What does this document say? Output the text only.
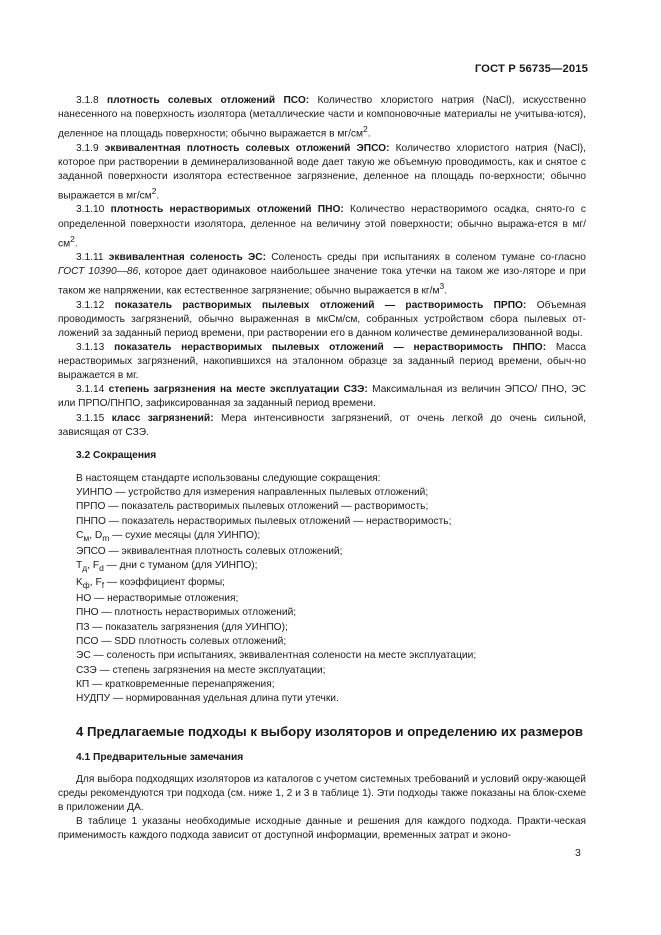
ГОСТ Р 56735—2015

3.1.8 плотность солевых отложений ПСО: Количество хлористого натрия (NaCl), искусственно нанесенного на поверхность изолятора (металлические части и компоновочные материалы не учитыва-ются), деленное на площадь поверхности; обычно выражается в $мг/см^2$.

3.1.9 эквивалентная плотность солевых отложений ЭПСО: Количество хлористого натрия (NaCl), которое при растворении в деминерализованной воде дает такую же объемную проводимость, как и снятое с заданной поверхности изолятора естественное загрязнение, деленное на площадь по-верхности; обычно выражается в $мг/см^2$.

3.1.10 плотность нерастворимых отложений ПНО: Количество нерастворимого осадка, снято-го с определенной поверхности изолятора, деленное на величину этой поверхности; обычно выража-ется в $мг/см^2$.

3.1.11 эквивалентная соленость ЭС: Соленость среды при испытаниях в соленом тумане со-гласно ГОСТ 10390—86, которое дает одинаковое наибольшее значение тока утечки на таком же изо-ляторе и при таком же напряжении, как естественное загрязнение; обычно выражается в $кг/м^3$.

3.1.12 показатель растворимых пылевых отложений — растворимость ПРПО: Объемная проводимость загрязнений, обычно выраженная в мкСм/см, собранных устройством сбора пылевых от-ложений за заданный период времени, при растворении его в данном количестве деминерализованной воды.

3.1.13 показатель нерастворимых пылевых отложений — нерастворимость ПНПО: Масса нерастворимых загрязнений, накопившихся на эталонном образце за заданный период времени, обыч-но выражается в мг.

3.1.14 степень загрязнения на месте эксплуатации СЗЭ: Максимальная из величин ЭПСО/ ПНО, ЭС или ПРПО/ПНПО, зафиксированная за заданный период времени.

3.1.15 класс загрязнений: Мера интенсивности загрязнений, от очень легкой до очень сильной, зависящая от СЗЭ.

3.2 Сокращения

В настоящем стандарте использованы следующие сокращения:

УИНПО — устройство для измерения направленных пылевых отложений;
ПРПО — показатель растворимых пылевых отложений — растворимость;
ПНПО — показатель нерастворимых пылевых отложений — нерастворимость;
$C_м$, $D_m$ — сухие месяцы (для УИНПО);
ЭПСО — эквивалентная плотность солевых отложений;
$T_д$, $F_d$ — дни с туманом (для УИНПО);
$K_ф$, $F_f$ — коэффициент формы;
НО — нерастворимые отложения;
ПНО — плотность нерастворимых отложений;
ПЗ — показатель загрязнения (для УИНПО);
ПСО — SDD плотность солевых отложений;
ЭС — соленость при испытаниях, эквивалентная солености на месте эксплуатации;
СЗЭ — степень загрязнения на месте эксплуатации;
КП — кратковременные перенапряжения;
НУДПУ — нормированная удельная длина пути утечки.

4 Предлагаемые подходы к выбору изоляторов и определению их размеров

4.1 Предварительные замечания

Для выбора подходящих изоляторов из каталогов с учетом системных требований и условий окру-жающей среды рекомендуются три подхода (см. ниже 1, 2 и 3 в таблице 1). Эти подходы также показаны на блок-схеме в приложении ДА.

В таблице 1 указаны необходимые исходные данные и решения для каждого подхода. Практи-ческая применимость каждого подхода зависит от доступной информации, временных затрат и эконо-

3
